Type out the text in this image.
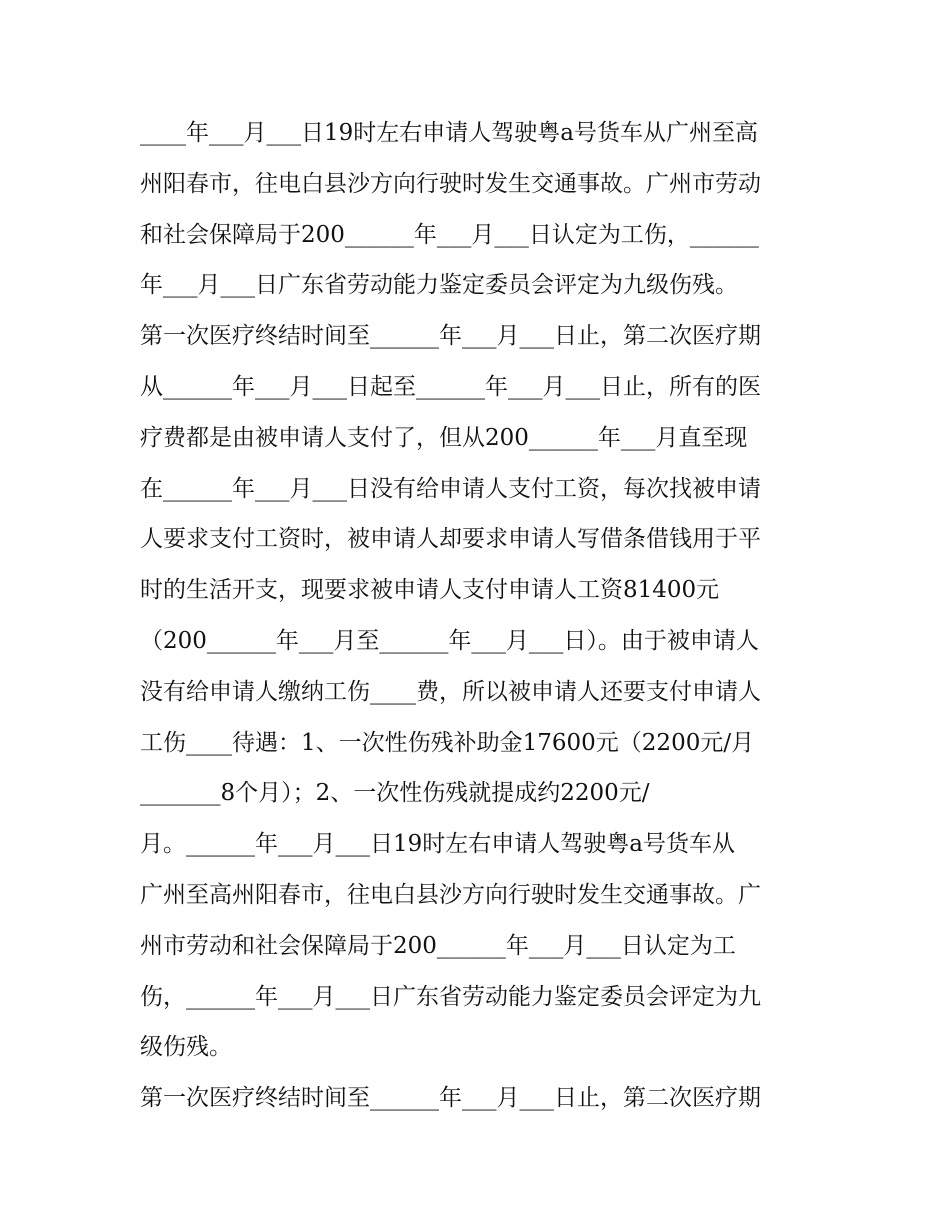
____年___月___日19时左右申请人驾驶粤a号货车从广州至高
州阳春市，往电白县沙方向行驶时发生交通事故。广州市劳动
和社会保障局于200______年___月___日认定为工伤，______
年___月___日广东省劳动能力鉴定委员会评定为九级伤残。
第一次医疗终结时间至______年___月___日止，第二次医疗期
从______年___月___日起至______年___月___日止，所有的医
疗费都是由被申请人支付了，但从200______年___月直至现
在______年___月___日没有给申请人支付工资，每次找被申请
人要求支付工资时，被申请人却要求申请人写借条借钱用于平
时的生活开支，现要求被申请人支付申请人工资81400元
（200______年___月至______年___月___日）。由于被申请人
没有给申请人缴纳工伤____费，所以被申请人还要支付申请人
工伤____待遇：1、一次性伤残补助金17600元（2200元/月
_______8个月）；2、一次性伤残就提成约2200元/
月。______年___月___日19时左右申请人驾驶粤a号货车从
广州至高州阳春市，往电白县沙方向行驶时发生交通事故。广
州市劳动和社会保障局于200______年___月___日认定为工
伤，______年___月___日广东省劳动能力鉴定委员会评定为九
级伤残。
第一次医疗终结时间至______年___月___日止，第二次医疗期
